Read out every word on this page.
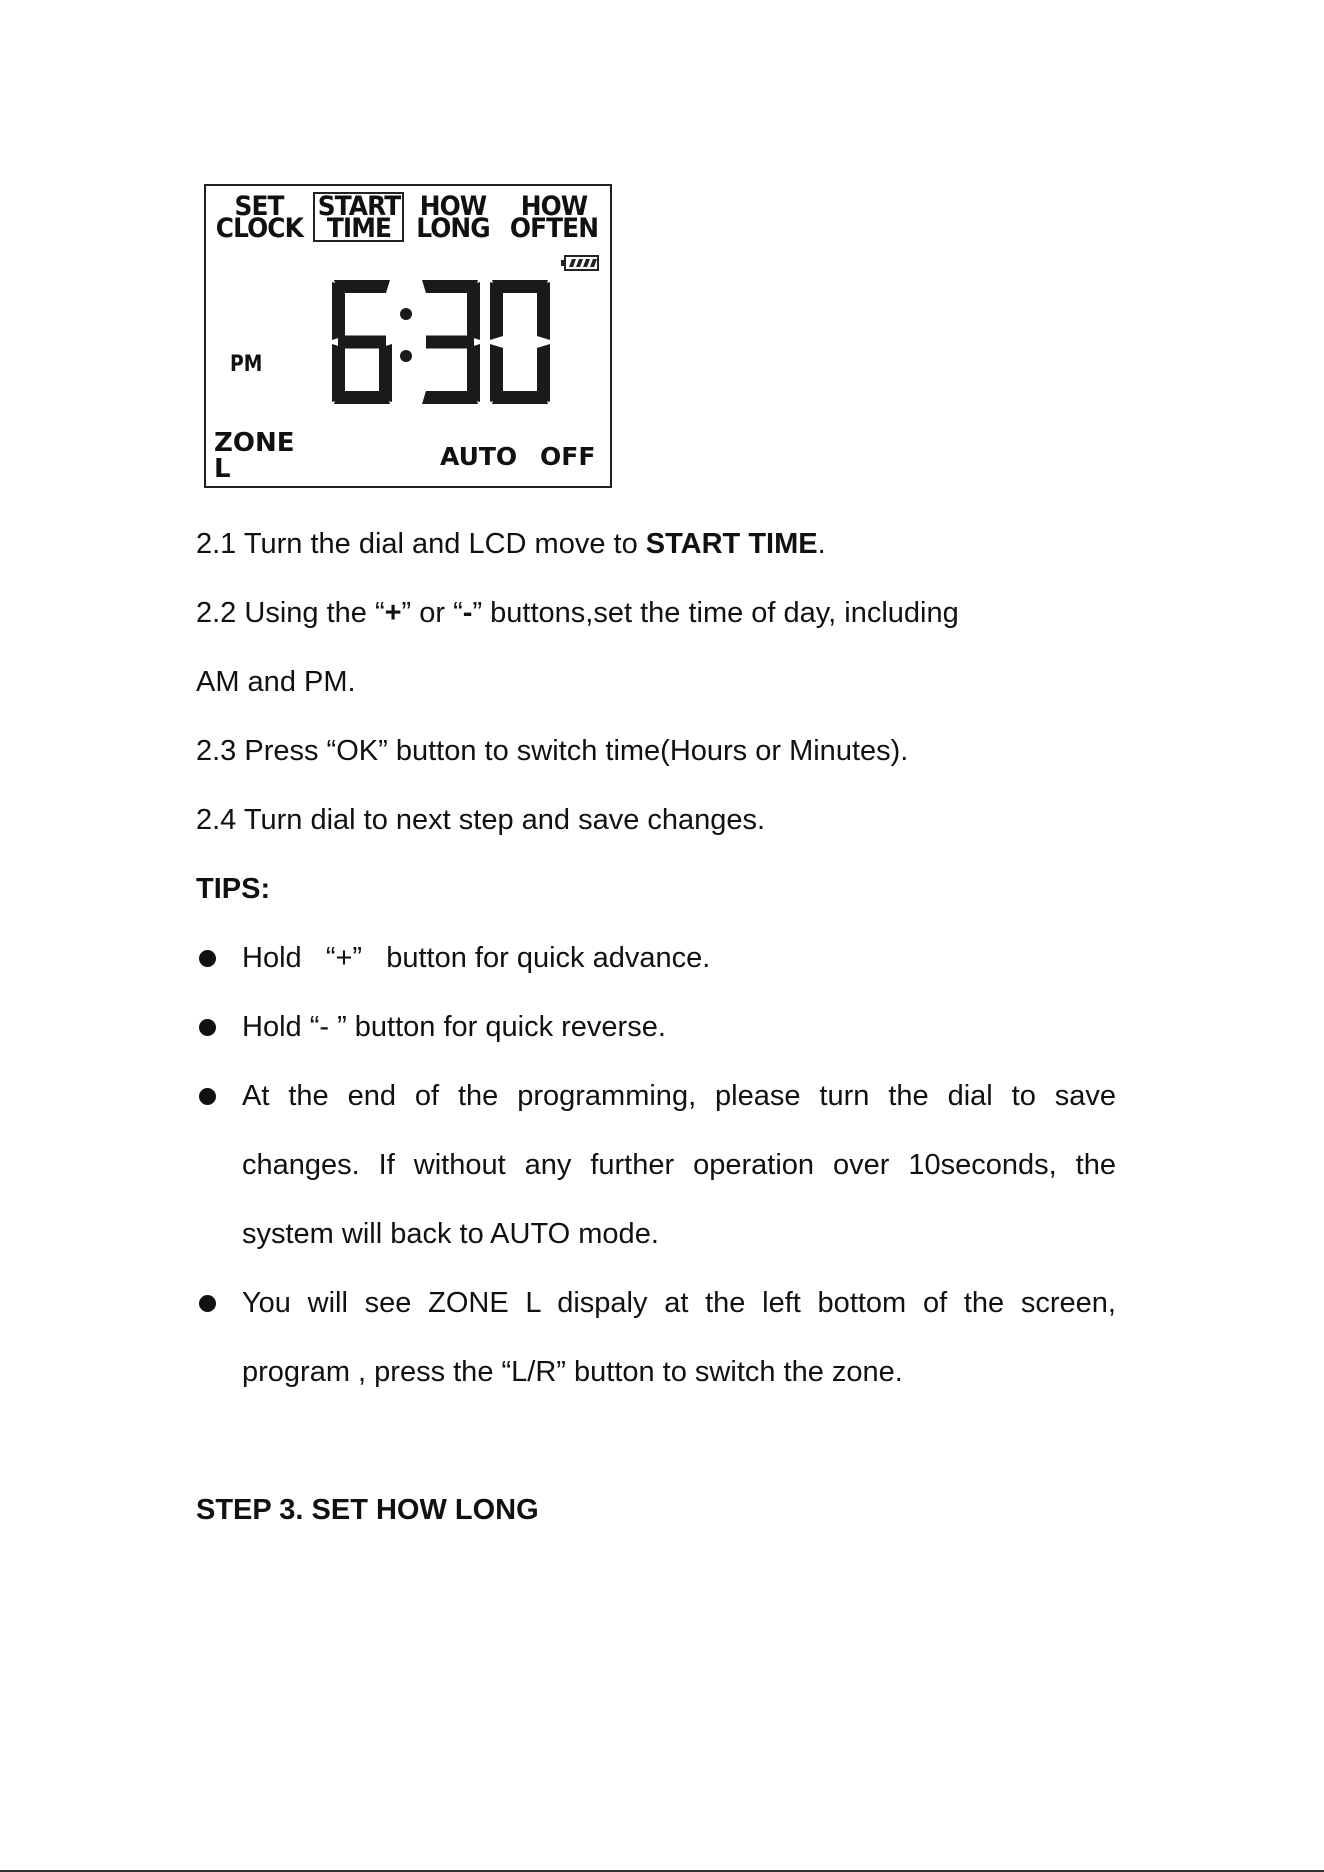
SET
CLOCK
START
TIME
HOW
LONG
HOW
OFTEN
PM
ZONE
L	AUTO OFF
2.1 Turn the dial and LCD move to START TIME.
2.2 Using the “+” or “-” buttons,set the time of day, including
AM and PM.
2.3 Press “OK” button to switch time(Hours or Minutes).
2.4 Turn dial to next step and save changes.
TIPS:
Hold   “+”   button for quick advance.
Hold “- ” button for quick reverse.
At the end of the programming, please turn the dial to save
changes. If without any further operation over 10seconds, the
system will back to AUTO mode.
You will see ZONE L dispaly at the left bottom of the screen,
program , press the “L/R” button to switch the zone.
STEP 3. SET HOW LONG
